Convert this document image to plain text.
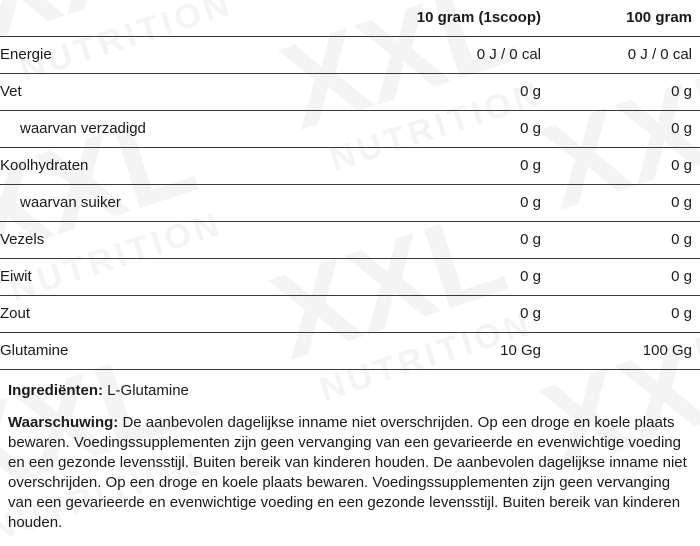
	10 gram (1scoop)	100 gram
Energie	0 J / 0 cal	0 J / 0 cal
Vet	0 g	0 g
waarvan verzadigd	0 g	0 g
Koolhydraten	0 g	0 g
waarvan suiker	0 g	0 g
Vezels	0 g	0 g
Eiwit	0 g	0 g
Zout	0 g	0 g
Glutamine	10 Gg	100 Gg

Ingrediënten: L-Glutamine

Waarschuwing: De aanbevolen dagelijkse inname niet overschrijden. Op een droge en koele plaats bewaren. Voedingssupplementen zijn geen vervanging van een gevarieerde en evenwichtige voeding en een gezonde levensstijl. Buiten bereik van kinderen houden. De aanbevolen dagelijkse inname niet overschrijden. Op een droge en koele plaats bewaren. Voedingssupplementen zijn geen vervanging van een gevarieerde en evenwichtige voeding en een gezonde levensstijl. Buiten bereik van kinderen houden.
